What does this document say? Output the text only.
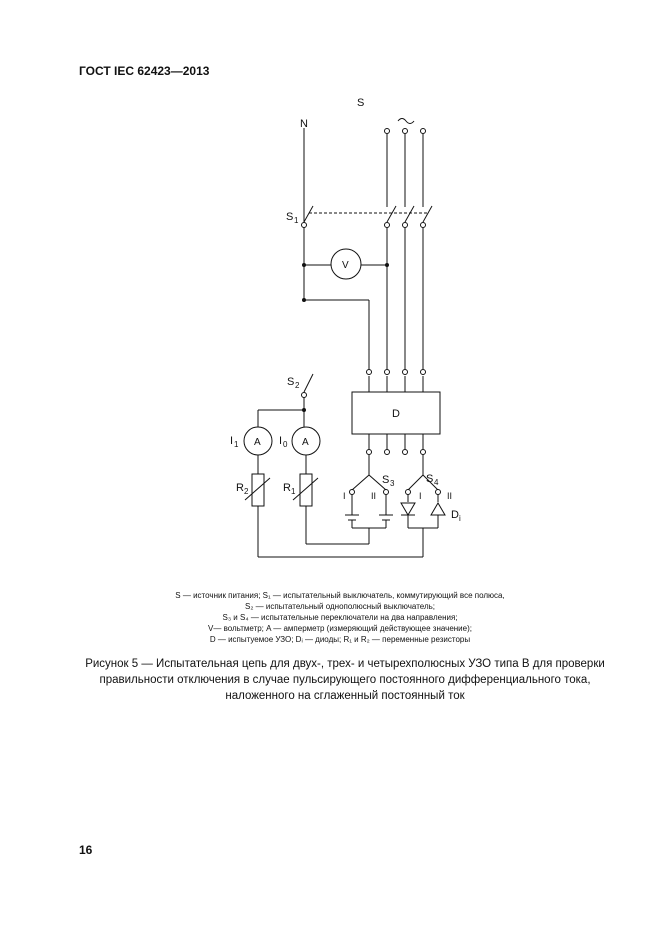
ГОСТ IEC 62423—2013
S
N
S 1
V
S 2
D
I 1	I 0
A	A
R 2	R 1
S 3	S 4
I	II	I	II
D i
S — источник питания; S₁ — испытательный выключатель, коммутирующий все полюса,
S₂ — испытательный однополюсный выключатель;
S₃ и S₄ — испытательные переключатели на два направления;
V— вольтметр; A — амперметр (измеряющий действующее значение);
D — испытуемое УЗО; Dᵢ — диоды; R₁ и R₂ — переменные резисторы
Рисунок 5 — Испытательная цепь для двух-, трех- и четырехполюсных УЗО типа B для проверки
правильности отключения в случае пульсирующего постоянного дифференциального тока,
наложенного на сглаженный постоянный ток
16
